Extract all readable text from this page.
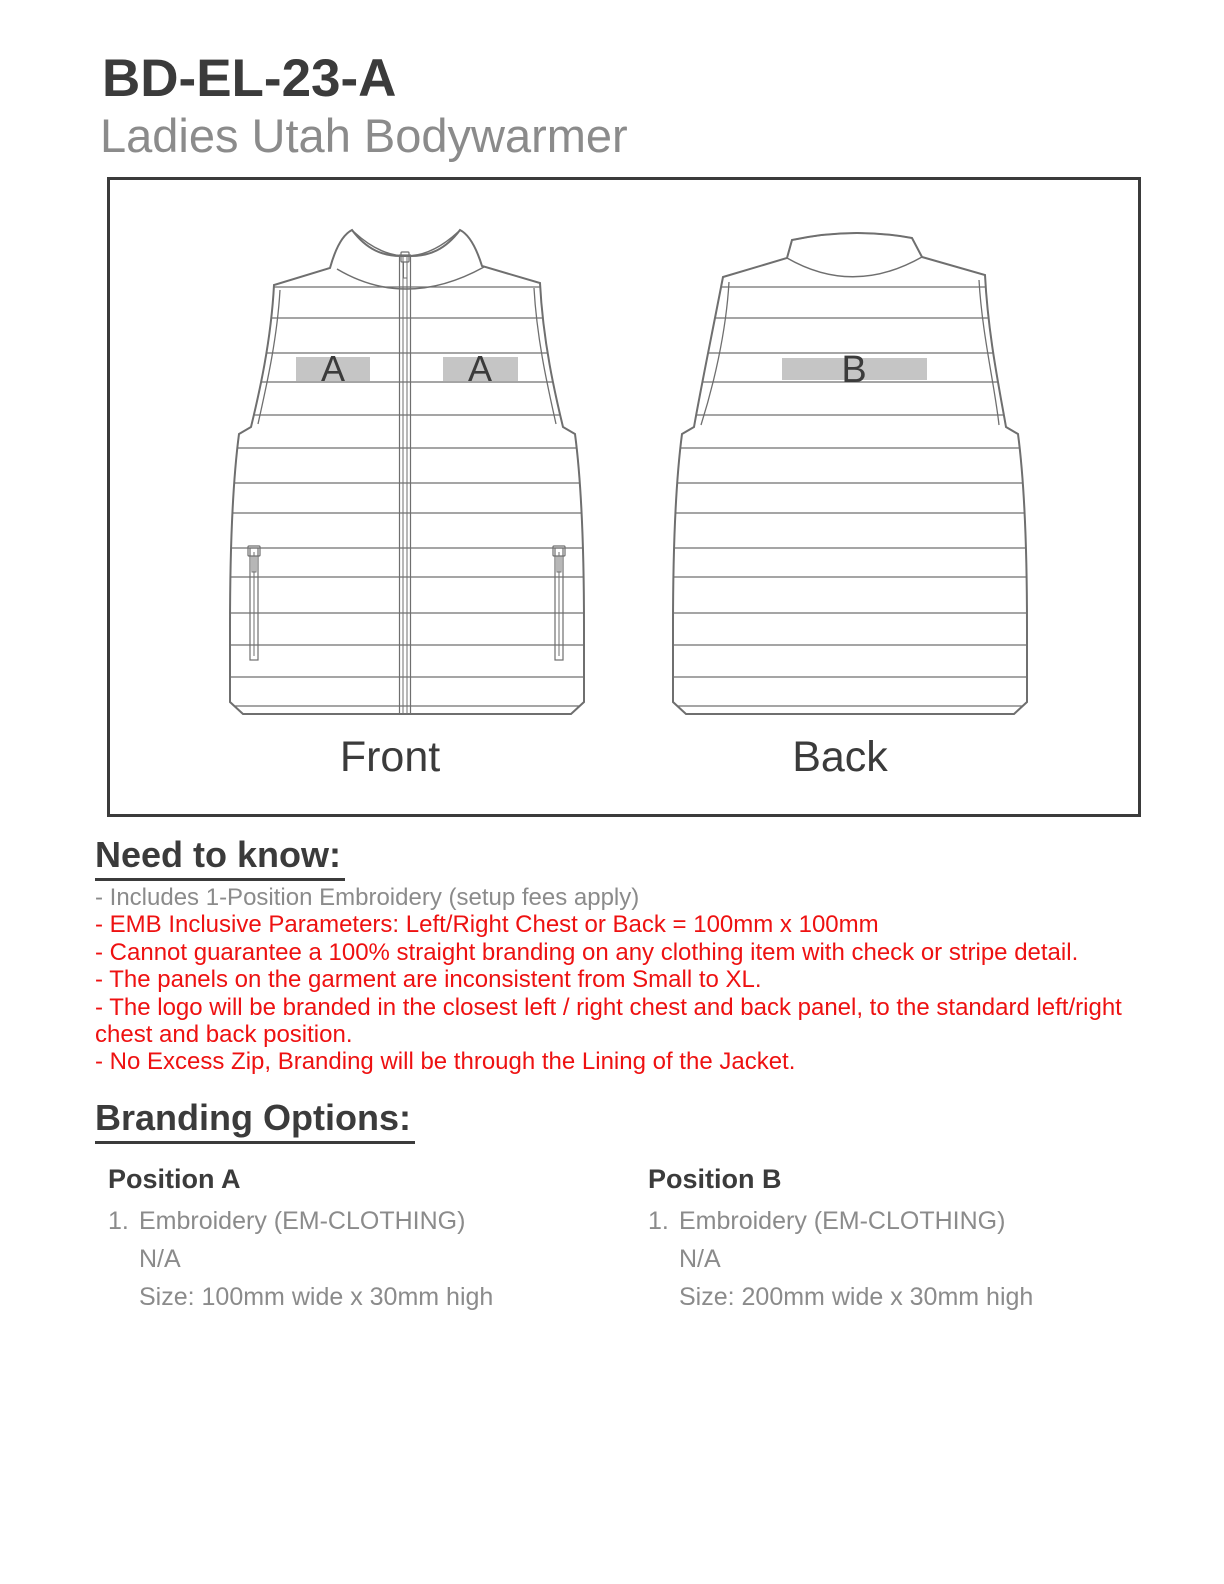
BD-EL-23-A
Ladies Utah Bodywarmer
A	A	B
Front	Back
Need to know:
- Includes 1-Position Embroidery (setup fees apply)
- EMB Inclusive Parameters: Left/Right Chest or Back = 100mm x 100mm
- Cannot guarantee a 100% straight branding on any clothing item with check or stripe detail.
- The panels on the garment are inconsistent from Small to XL.
- The logo will be branded in the closest left / right chest and back panel, to the standard left/right chest and back position.
- No Excess Zip, Branding will be through the Lining of the Jacket.
Branding Options:
Position A
1. Embroidery (EM-CLOTHING)
N/A
Size: 100mm wide x 30mm high
Position B
1. Embroidery (EM-CLOTHING)
N/A
Size: 200mm wide x 30mm high
